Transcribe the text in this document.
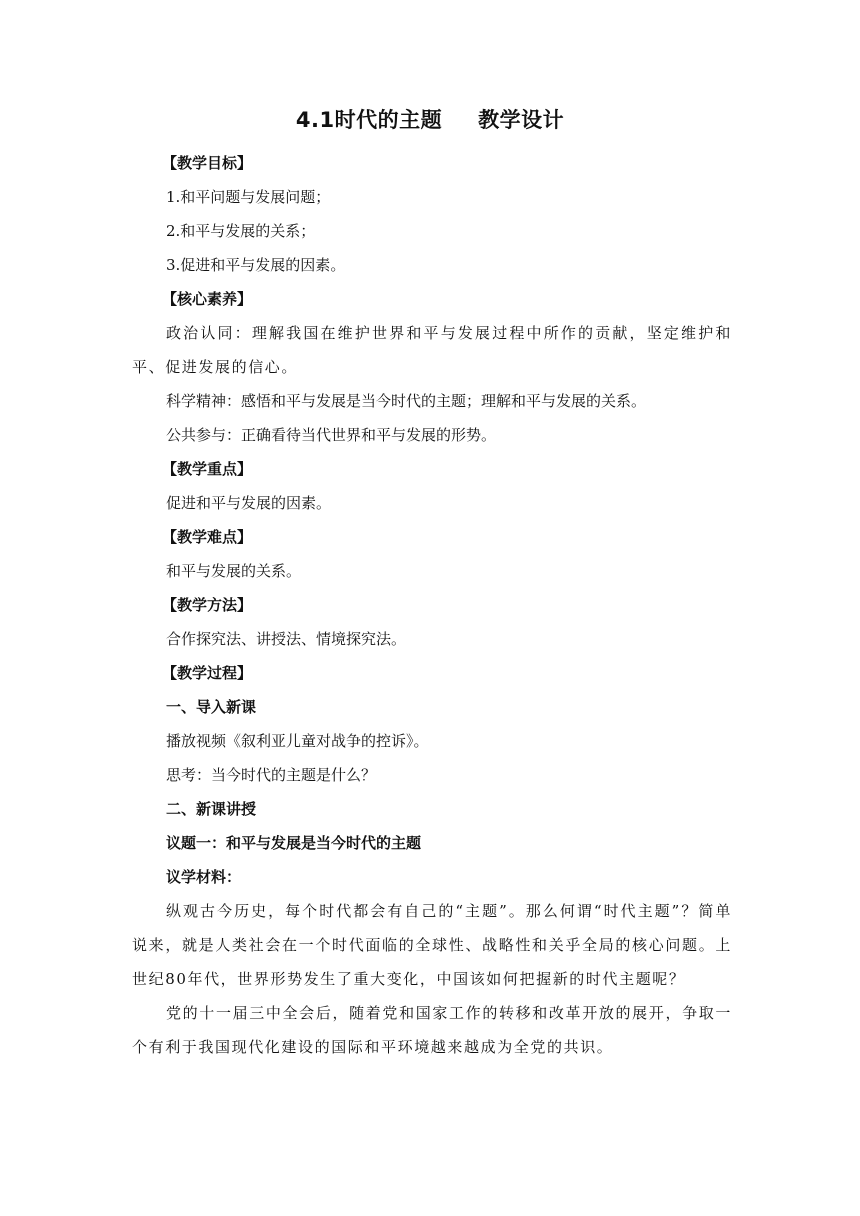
4.1时代的主题 教学设计

【教学目标】

1.和平问题与发展问题；

2.和平与发展的关系；

3.促进和平与发展的因素。

【核心素养】

政治认同：理解我国在维护世界和平与发展过程中所作的贡献，坚定维护和平、促进发展的信心。

科学精神：感悟和平与发展是当今时代的主题；理解和平与发展的关系。

公共参与：正确看待当代世界和平与发展的形势。

【教学重点】

促进和平与发展的因素。

【教学难点】

和平与发展的关系。

【教学方法】

合作探究法、讲授法、情境探究法。

【教学过程】

一、导入新课

播放视频《叙利亚儿童对战争的控诉》。

思考：当今时代的主题是什么？

二、新课讲授

议题一：和平与发展是当今时代的主题

议学材料：

纵观古今历史，每个时代都会有自己的“主题”。那么何谓“时代主题”？简单说来，就是人类社会在一个时代面临的全球性、战略性和关乎全局的核心问题。上世纪80年代，世界形势发生了重大变化，中国该如何把握新的时代主题呢？

党的十一届三中全会后，随着党和国家工作的转移和改革开放的展开，争取一个有利于我国现代化建设的国际和平环境越来越成为全党的共识。
